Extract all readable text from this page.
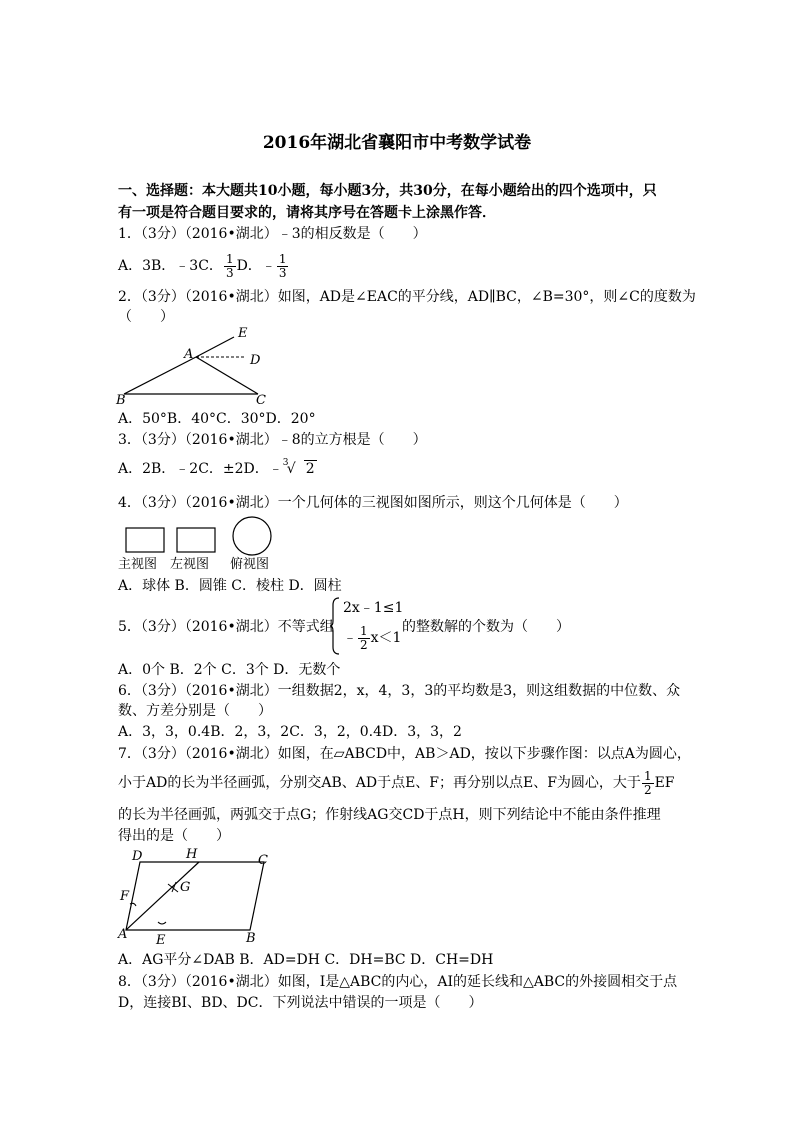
2016年湖北省襄阳市中考数学试卷
一、选择题：本大题共10小题，每小题3分，共30分，在每小题给出的四个选项中，只
有一项是符合题目要求的，请将其序号在答题卡上涂黑作答．
1．（3分）（2016•湖北）﹣3的相反数是（　　）
A．3B．﹣3C． $\frac{1}{3}$ D．﹣ $\frac{1}{3}$
2．（3分）（2016•湖北）如图，AD是∠EAC的平分线，AD∥BC，∠B=30°，则∠C的度数为
（　　）
E
A	D
B	C
A．50°B．40°C．30°D．20°
3．（3分）（2016•湖北）﹣8的立方根是（　　）
A．2B．﹣2C．±2D．﹣ 3
√ 2
4．（3分）（2016•湖北）一个几何体的三视图如图所示，则这个几何体是（　　）
主视图 左视图 俯视图
A．球体 B．圆锥 C．棱柱 D．圆柱
5．（3分）（2016•湖北）不等式组
2x﹣1≤1
﹣ $\frac{1}{2} x<1$
的整数解的个数为（　　）
A．0个 B．2个 C．3个 D．无数个
6．（3分）（2016•湖北）一组数据2，x，4，3，3的平均数是3，则这组数据的中位数、众
数、方差分别是（　　）
A．3，3，0.4B．2，3，2C．3，2，0.4D．3，3，2
7．（3分）（2016•湖北）如图，在▱ABCD中，AB＞AD，按以下步骤作图：以点A为圆心，
小于AD的长为半径画弧，分别交AB、AD于点E、F；再分别以点E、F为圆心，大于 $\frac{1}{2}$ EF
的长为半径画弧，两弧交于点G；作射线AG交CD于点H，则下列结论中不能由条件推理
得出的是（　　）
D	H	C
F
G
A E	B
A．AG平分∠DAB B．AD=DH C．DH=BC D．CH=DH
8．（3分）（2016•湖北）如图，I是△ABC的内心，AI的延长线和△ABC的外接圆相交于点
D，连接BI、BD、DC．下列说法中错误的一项是（　　）
